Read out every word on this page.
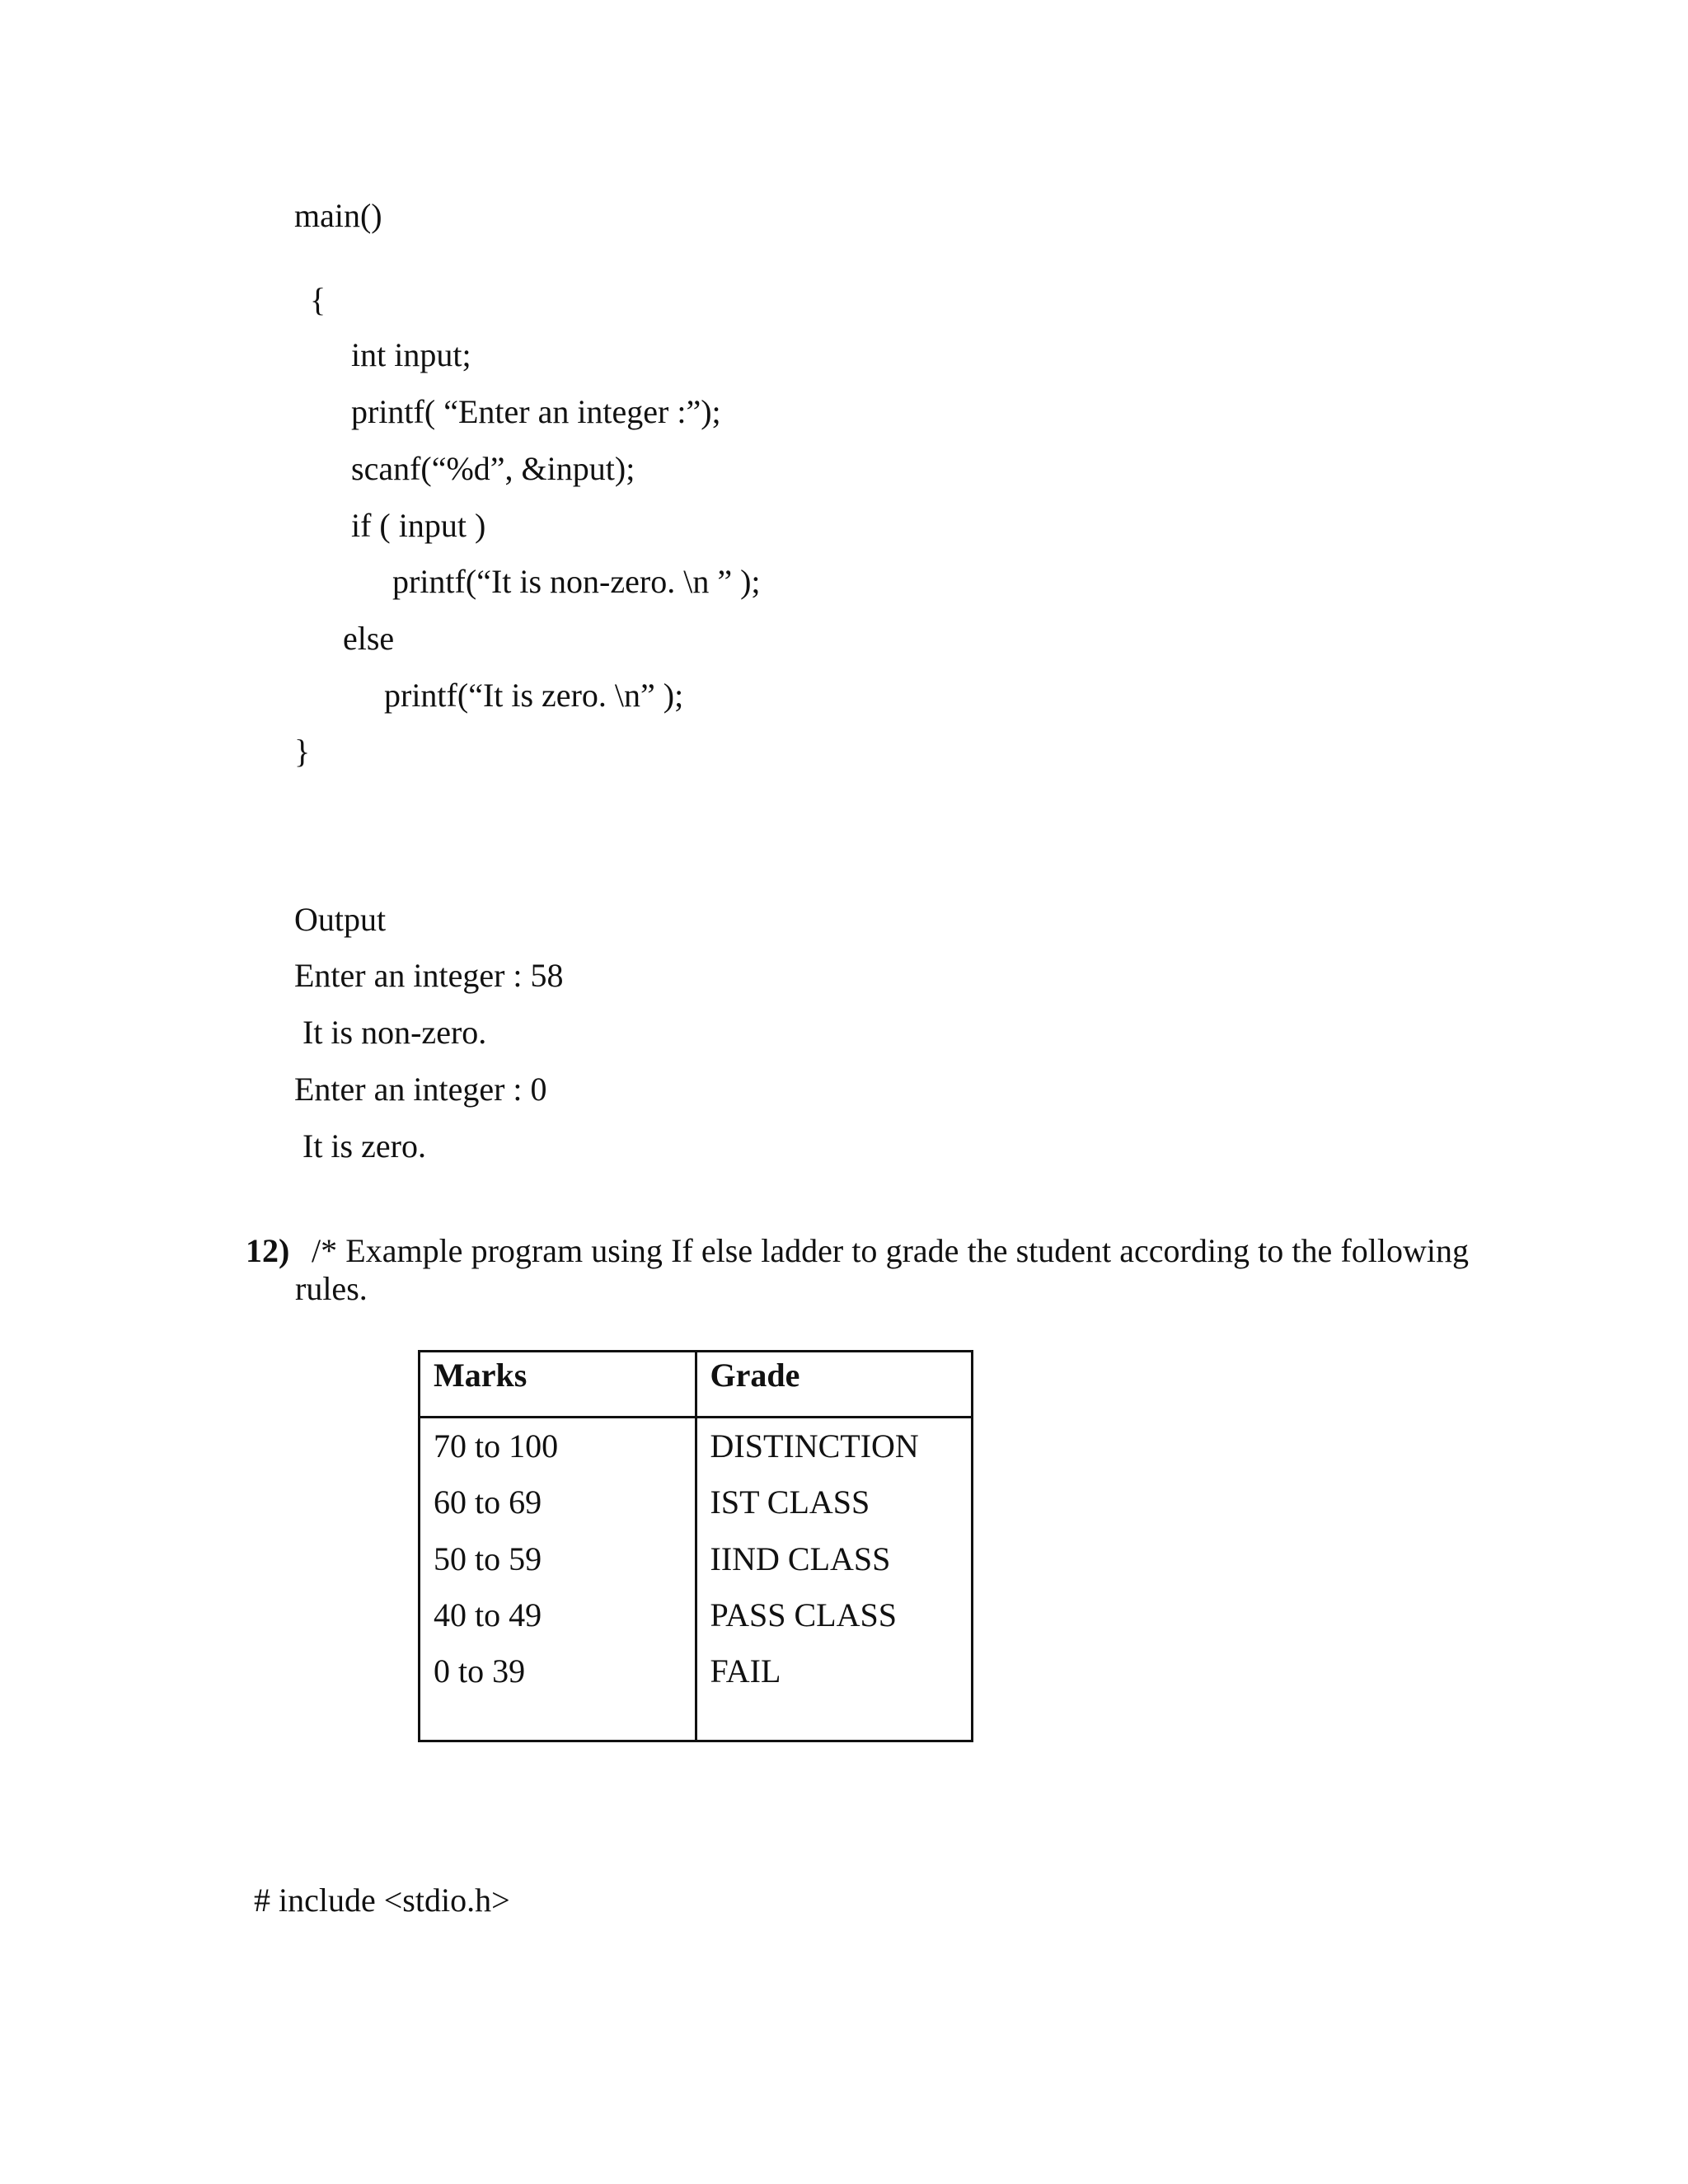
main()
{
int input;
printf( “Enter an integer :”);
scanf(“%d”, &input);
if ( input )
printf(“It is non-zero. \n ” );
else
printf(“It is zero. \n” );
}
Output
Enter an integer : 58
It is non-zero.
Enter an integer : 0
It is zero.
12) /* Example program using If else ladder to grade the student according to the following
rules.
Marks	Grade
70 to 100	DISTINCTION
60 to 69	IST CLASS
50 to 59	IIND CLASS
40 to 49	PASS CLASS
0 to 39	FAIL

# include <stdio.h>
